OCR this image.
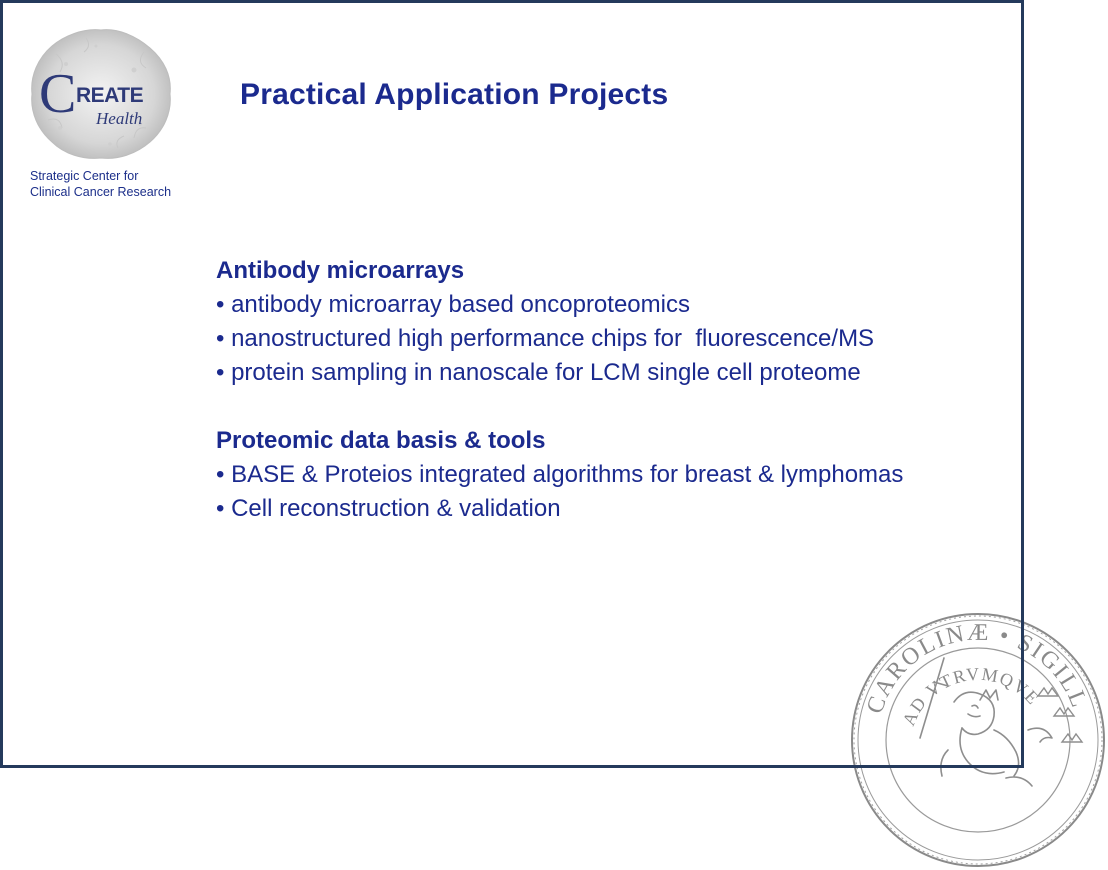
C REATE
Health
Strategic Center for
Clinical Cancer Research
Practical Application Projects
Antibody microarrays
• antibody microarray based oncoproteomics
• nanostructured high performance chips for  fluorescence/MS
• protein sampling in nanoscale for LCM single cell proteome
Proteomic data basis & tools
• BASE & Proteios integrated algorithms for breast & lymphomas
• Cell reconstruction & validation
CAROLINÆ • SIGILL
AD VTRVMQVE
